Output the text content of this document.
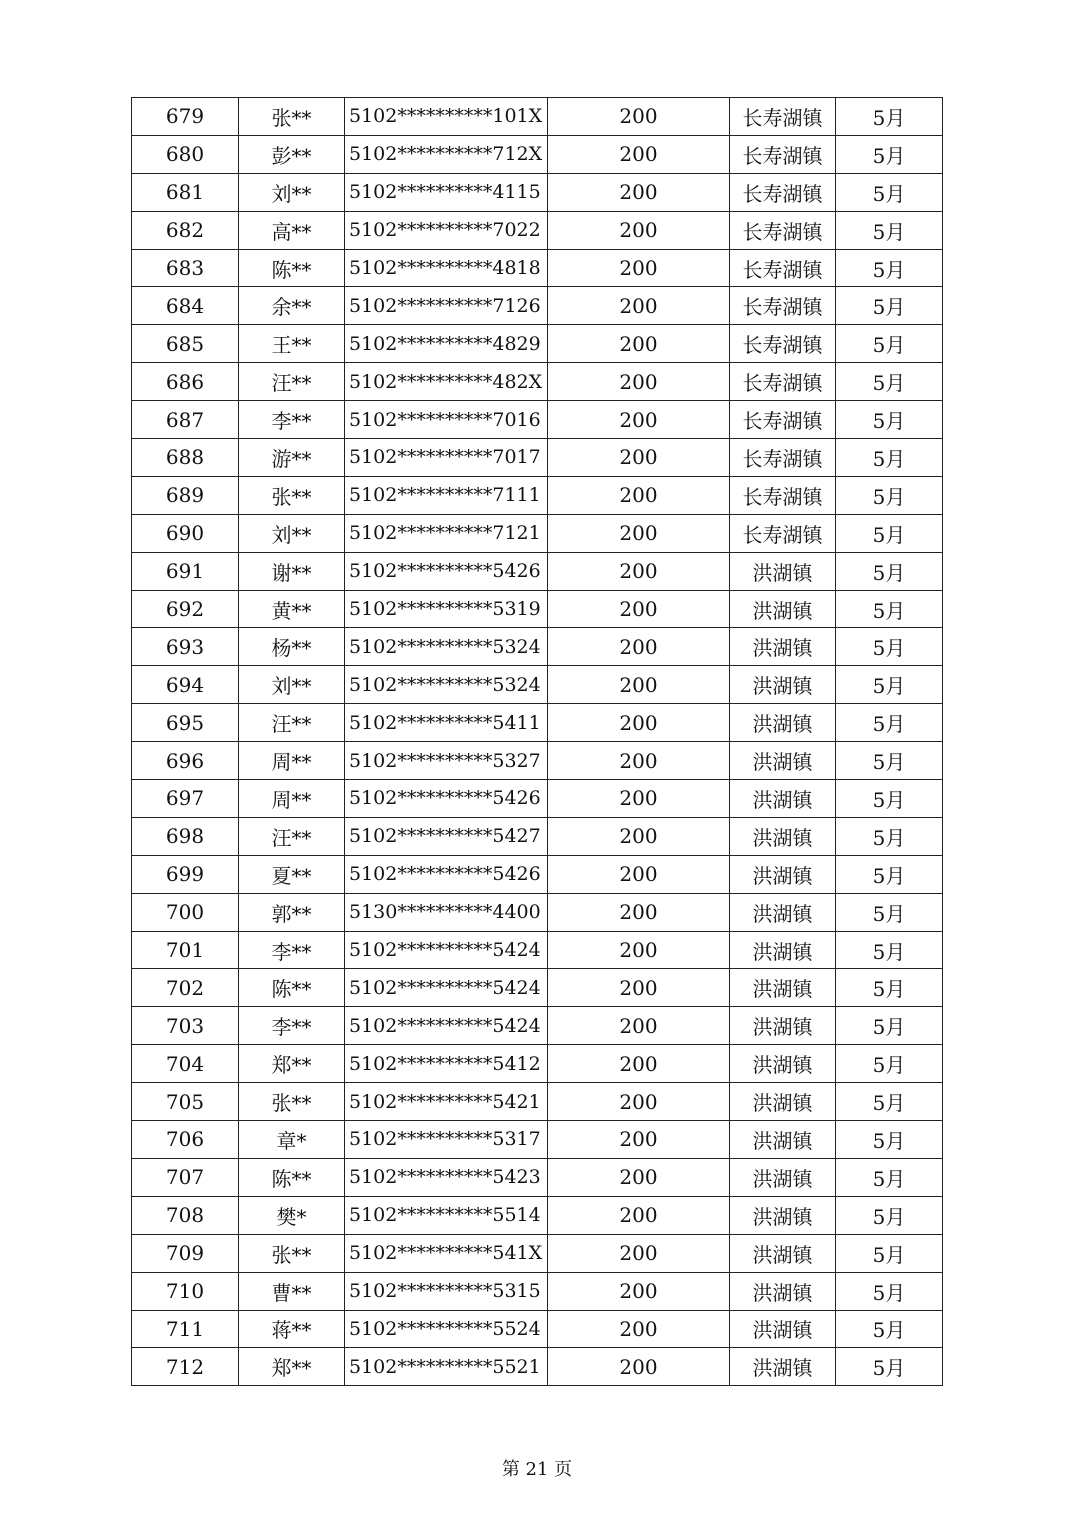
679	张**	5102**********101X	200	长寿湖镇	5月
680	彭**	5102**********712X	200	长寿湖镇	5月
681	刘**	5102**********4115	200	长寿湖镇	5月
682	高**	5102**********7022	200	长寿湖镇	5月
683	陈**	5102**********4818	200	长寿湖镇	5月
684	余**	5102**********7126	200	长寿湖镇	5月
685	王**	5102**********4829	200	长寿湖镇	5月
686	汪**	5102**********482X	200	长寿湖镇	5月
687	李**	5102**********7016	200	长寿湖镇	5月
688	游**	5102**********7017	200	长寿湖镇	5月
689	张**	5102**********7111	200	长寿湖镇	5月
690	刘**	5102**********7121	200	长寿湖镇	5月
691	谢**	5102**********5426	200	洪湖镇	5月
692	黄**	5102**********5319	200	洪湖镇	5月
693	杨**	5102**********5324	200	洪湖镇	5月
694	刘**	5102**********5324	200	洪湖镇	5月
695	汪**	5102**********5411	200	洪湖镇	5月
696	周**	5102**********5327	200	洪湖镇	5月
697	周**	5102**********5426	200	洪湖镇	5月
698	汪**	5102**********5427	200	洪湖镇	5月
699	夏**	5102**********5426	200	洪湖镇	5月
700	郭**	5130**********4400	200	洪湖镇	5月
701	李**	5102**********5424	200	洪湖镇	5月
702	陈**	5102**********5424	200	洪湖镇	5月
703	李**	5102**********5424	200	洪湖镇	5月
704	郑**	5102**********5412	200	洪湖镇	5月
705	张**	5102**********5421	200	洪湖镇	5月
706	章*	5102**********5317	200	洪湖镇	5月
707	陈**	5102**********5423	200	洪湖镇	5月
708	樊*	5102**********5514	200	洪湖镇	5月
709	张**	5102**********541X	200	洪湖镇	5月
710	曹**	5102**********5315	200	洪湖镇	5月
711	蒋**	5102**********5524	200	洪湖镇	5月
712	郑**	5102**********5521	200	洪湖镇	5月
第 21 页
